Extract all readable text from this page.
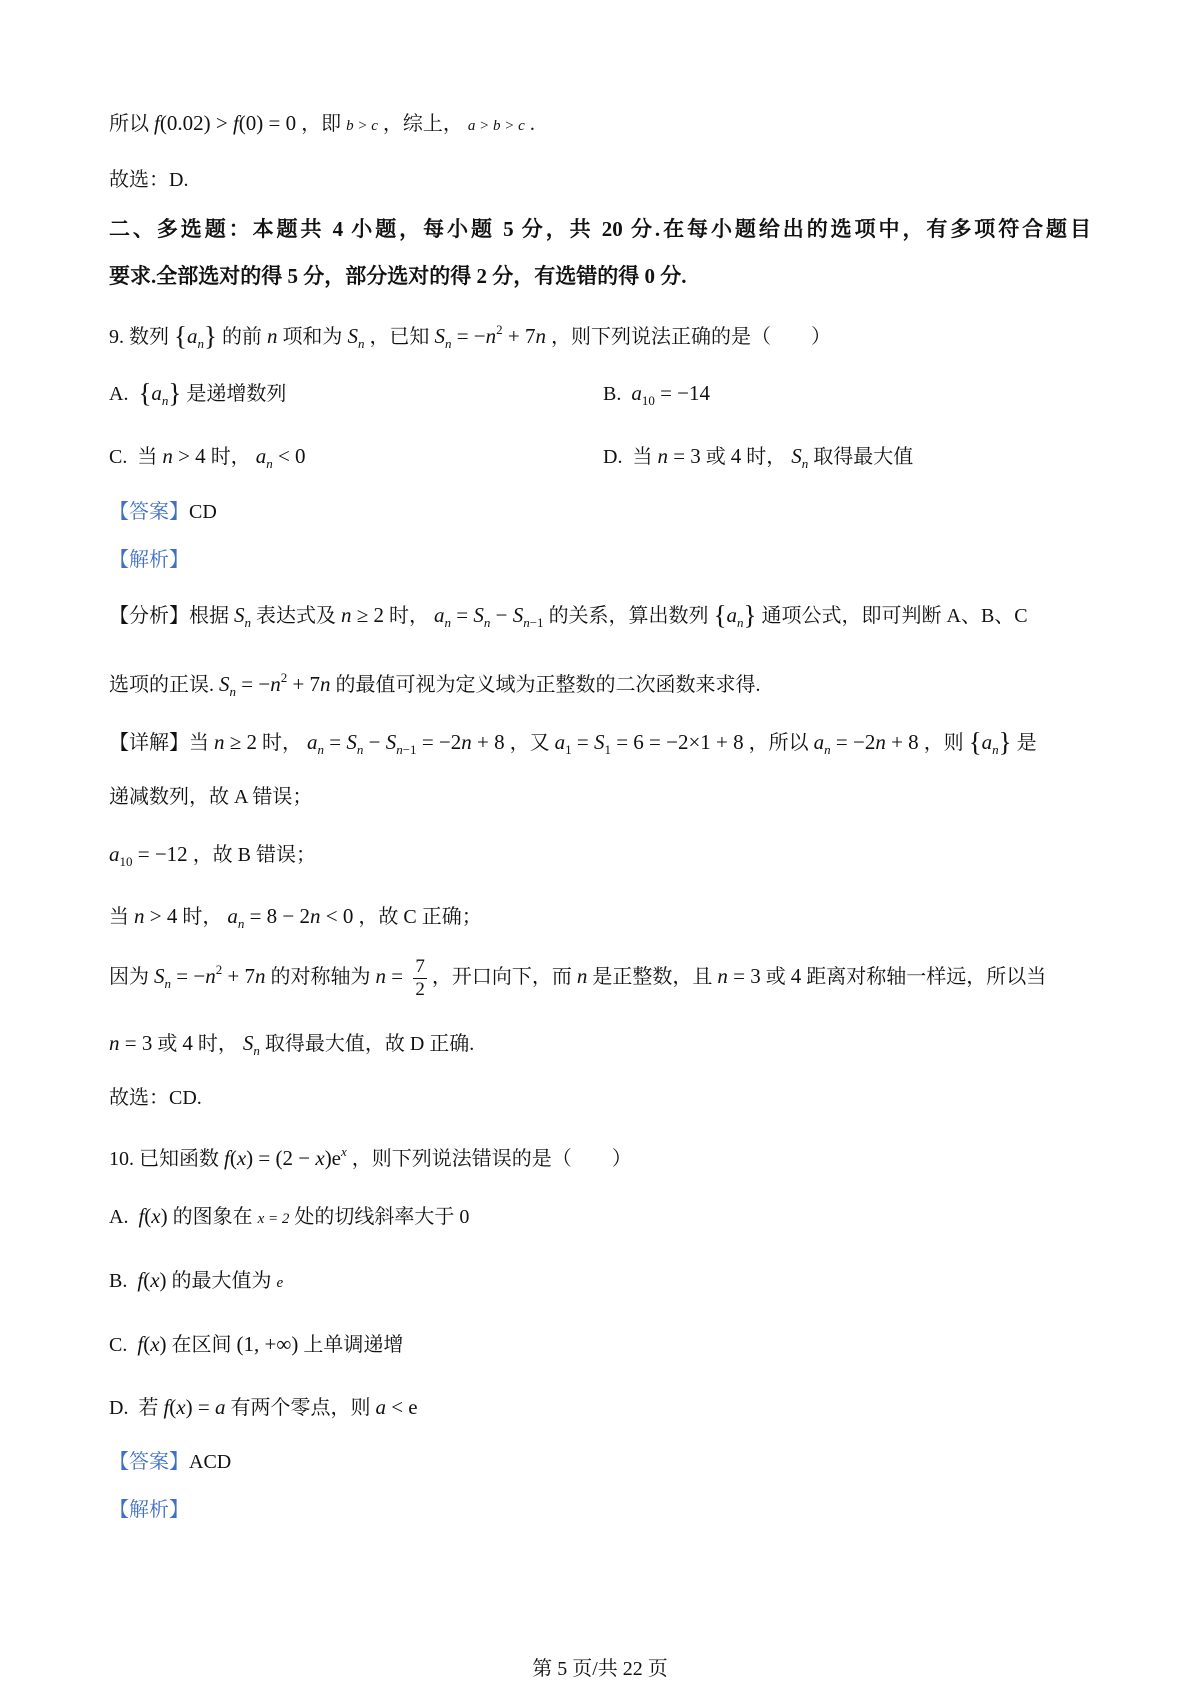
所以 f(0.02) > f(0) = 0 ，即 b > c ，综上， a > b > c .
故选：D.
二、多选题：本题共 4 小题，每小题 5 分，共 20 分.在每小题给出的选项中，有多项符合题目
要求.全部选对的得 5 分，部分选对的得 2 分，有选错的得 0 分.
9. 数列 $\{a_n\}$ 的前 n 项和为 $S_n$ ，已知 $S_n = -n^2 + 7n$ ，则下列说法正确的是（　　）
A. $\{a_n\}$ 是递增数列	B. $a_{10} = -14$
C. 当 n > 4 时， $a_n < 0$	D. 当 n = 3 或 4 时， $S_n$ 取得最大值
【答案】CD
【解析】
【分析】根据 $S_n$ 表达式及 n ≥ 2 时， $a_n = S_n - S_{n-1}$ 的关系，算出数列 $\{a_n\}$ 通项公式，即可判断 A、B、C
选项的正误. $S_n = -n^2 + 7n$ 的最值可视为定义域为正整数的二次函数来求得.
【详解】当 n ≥ 2 时， $a_n = S_n - S_{n-1} = -2n + 8$ ，又 $a_1 = S_1 = 6 = -2\times 1 + 8$ ，所以 $a_n = -2n + 8$ ，则 $\{a_n\}$ 是
递减数列，故 A 错误；
$a_{10} = -12$ ，故 B 错误；
当 n > 4 时， $a_n = 8 - 2n < 0$ ，故 C 正确；
因为 $S_n = -n^2 + 7n$ 的对称轴为 $n = \frac{7}{2}$ ，开口向下，而 n 是正整数，且 n = 3 或 4 距离对称轴一样远，所以当
n = 3 或 4 时， $S_n$ 取得最大值，故 D 正确.
故选：CD.
10. 已知函数 $f(x) = (2 - x)e^x$ ，则下列说法错误的是（　　）
A. f(x) 的图象在 x = 2 处的切线斜率大于 0
B. f(x) 的最大值为 e
C. f(x) 在区间 (1, +∞) 上单调递增
D. 若 f(x) = a 有两个零点，则 a < e
【答案】ACD
【解析】
第 5 页/共 22 页
